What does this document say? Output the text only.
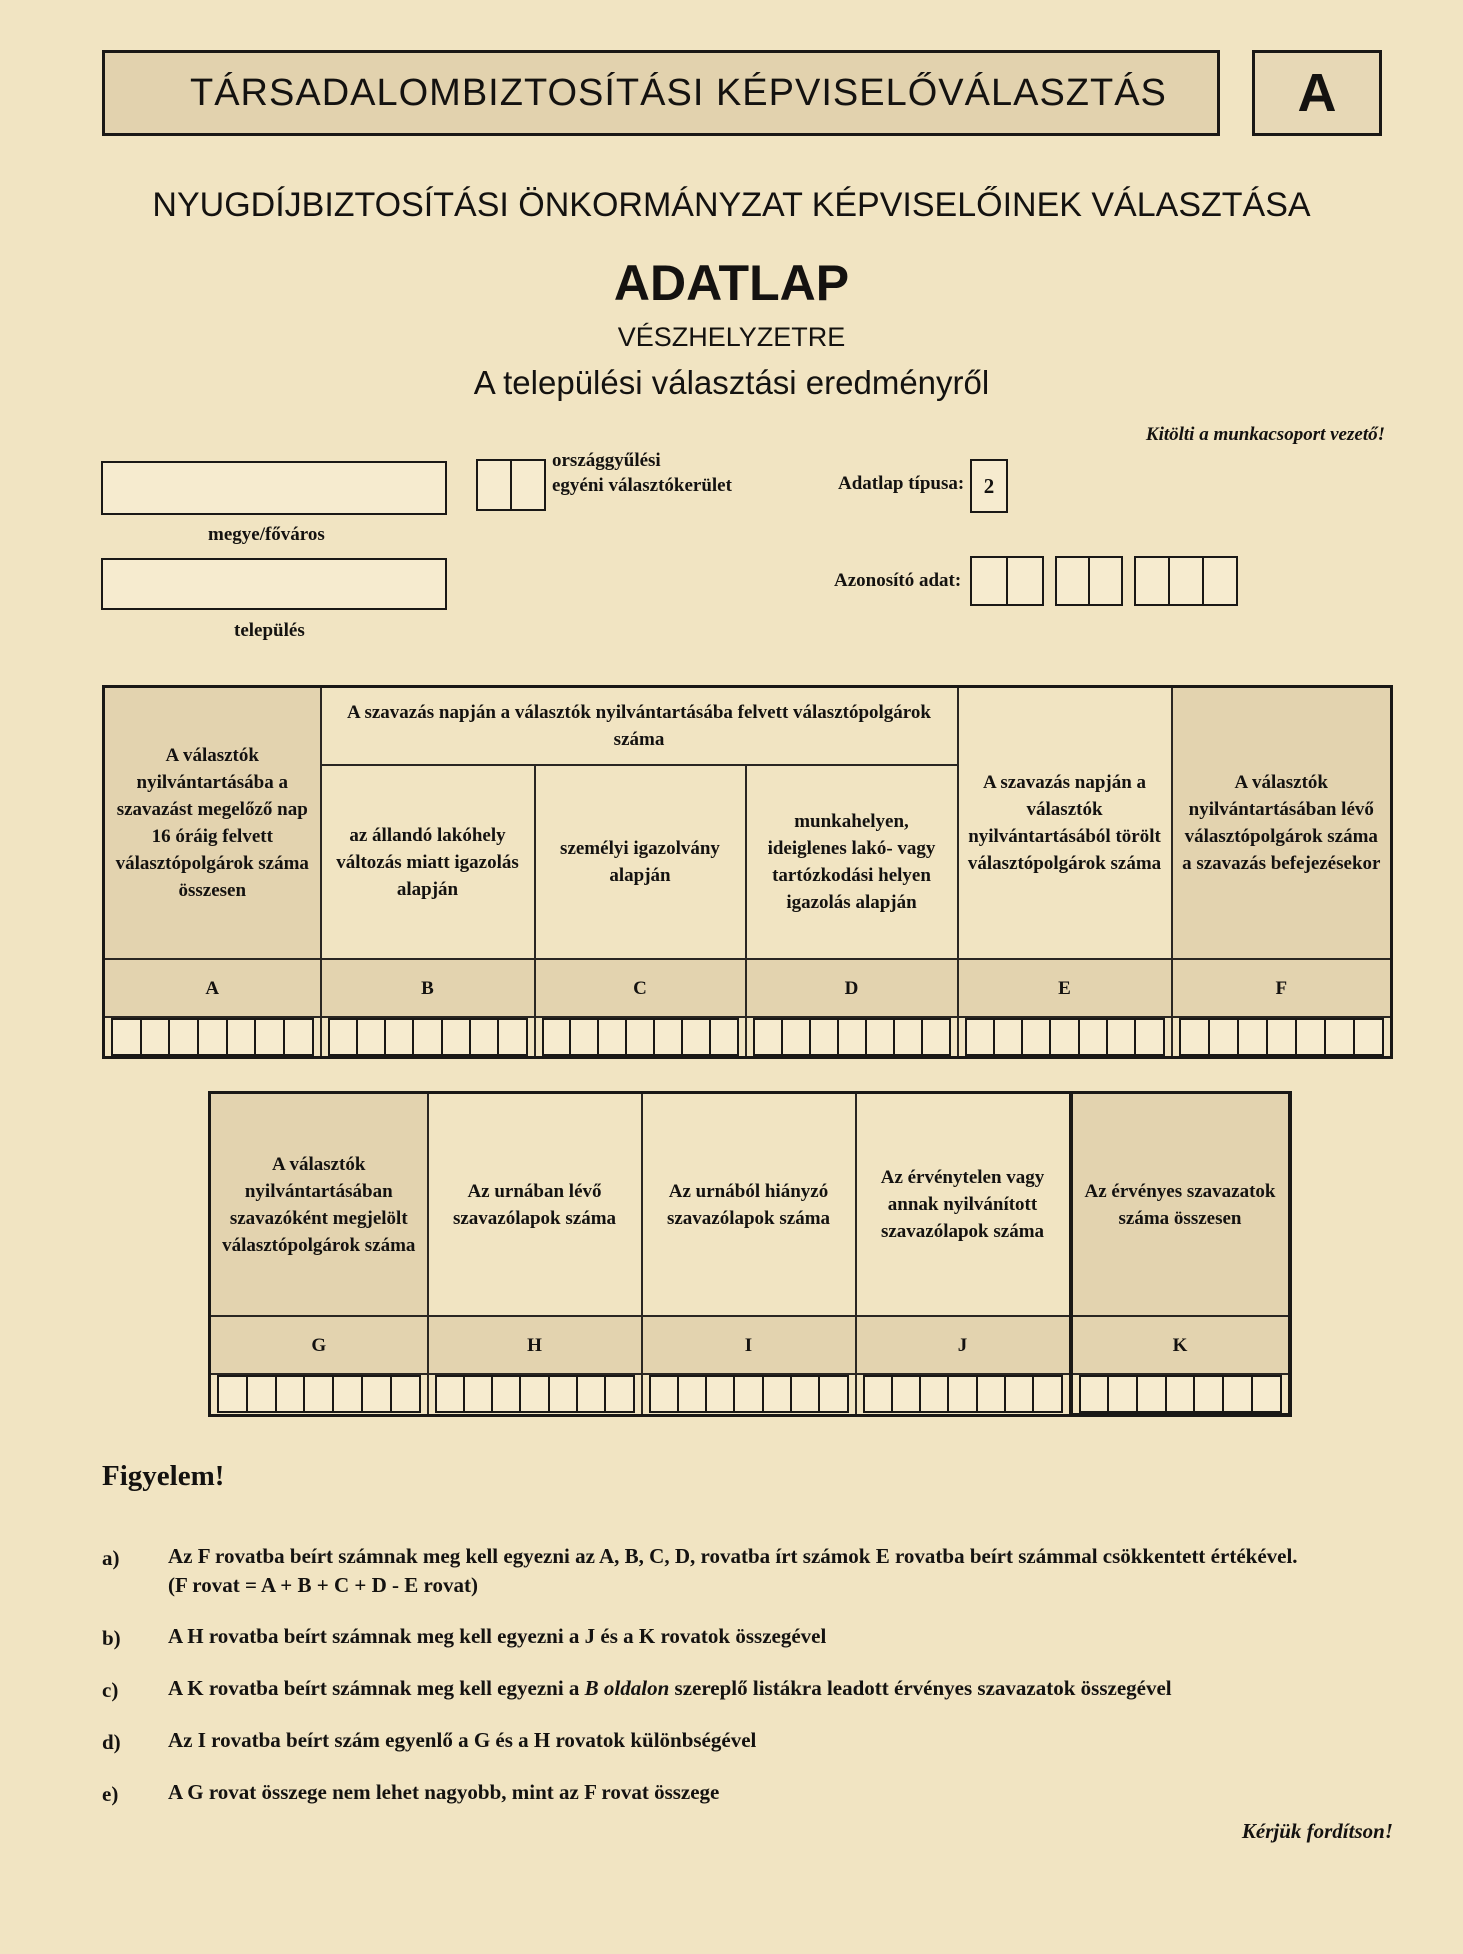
TÁRSADALOMBIZTOSÍTÁSI KÉPVISELŐVÁLASZTÁS A
NYUGDÍJBIZTOSÍTÁSI ÖNKORMÁNYZAT KÉPVISELŐINEK VÁLASZTÁSA
ADATLAP
VÉSZHELYZETRE
A települési választási eredményről
Kitölti a munkacsoport vezető!
megye/főváros
település
országgyűlési
egyéni választókerület	Adatlap típusa: 2
Azonosító adat:
A választók nyilvántartásába a szavazást megelőző nap 16 óráig felvett választópolgárok száma összesen	A szavazás napján a választók nyilvántartásába felvett választópolgárok száma			A szavazás napján a választók nyilvántartásából törölt választópolgárok száma	A választók nyilvántartásában lévő választópolgárok száma a szavazás befejezésekor
	az állandó lakóhely változás miatt igazolás alapján	személyi igazolvány alapján	munkahelyen, ideiglenes lakó- vagy tartózkodási helyen igazolás alapján		
A	B	C	D	E	F

A választók nyilvántartásában szavazóként megjelölt választópolgárok száma	Az urnában lévő szavazólapok száma	Az urnából hiányzó szavazólapok száma	Az érvénytelen vagy annak nyilvánított szavazólapok száma	Az érvényes szavazatok száma összesen
G	H	I	J	K

Figyelem!
a) Az F rovatba beírt számnak meg kell egyezni az A, B, C, D, rovatba írt számok E rovatba beírt számmal csökkentett értékével.
(F rovat = A + B + C + D - E rovat)
b) A H rovatba beírt számnak meg kell egyezni a J és a K rovatok összegével
c) A K rovatba beírt számnak meg kell egyezni a B oldalon szereplő listákra leadott érvényes szavazatok összegével
d) Az I rovatba beírt szám egyenlő a G és a H rovatok különbségével
e) A G rovat összege nem lehet nagyobb, mint az F rovat összege
Kérjük fordítson!
